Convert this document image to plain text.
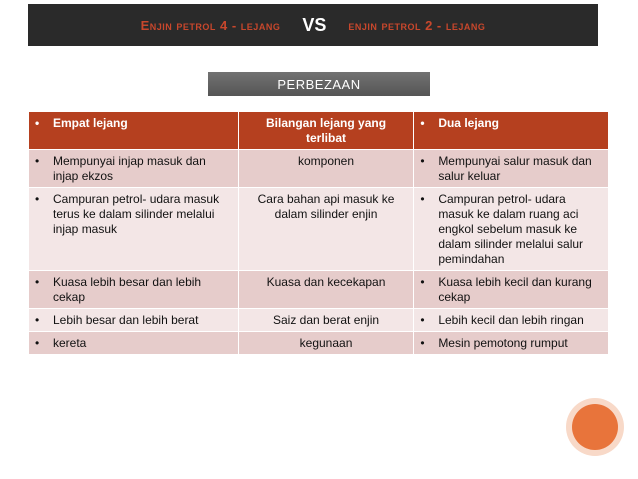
Enjin petrol 4 - lejang VS enjin petrol 2 - lejang
PERBEZAAN
• Empat lejang	Bilangan lejang yang terlibat	• Dua lejang

• Mempunyai injap masuk dan injap ekzos	komponen	• Mempunyai salur masuk dan salur keluar

• Campuran petrol- udara masuk terus ke dalam silinder melalui injap masuk	Cara bahan api masuk ke dalam silinder enjin	• Campuran petrol- udara masuk ke dalam ruang aci engkol sebelum masuk ke dalam silinder melalui salur pemindahan

• Kuasa lebih besar dan lebih cekap	Kuasa dan kecekapan	• Kuasa lebih kecil dan kurang cekap

• Lebih besar dan lebih berat	Saiz dan berat enjin	• Lebih kecil dan lebih ringan

• kereta	kegunaan	• Mesin pemotong rumput
